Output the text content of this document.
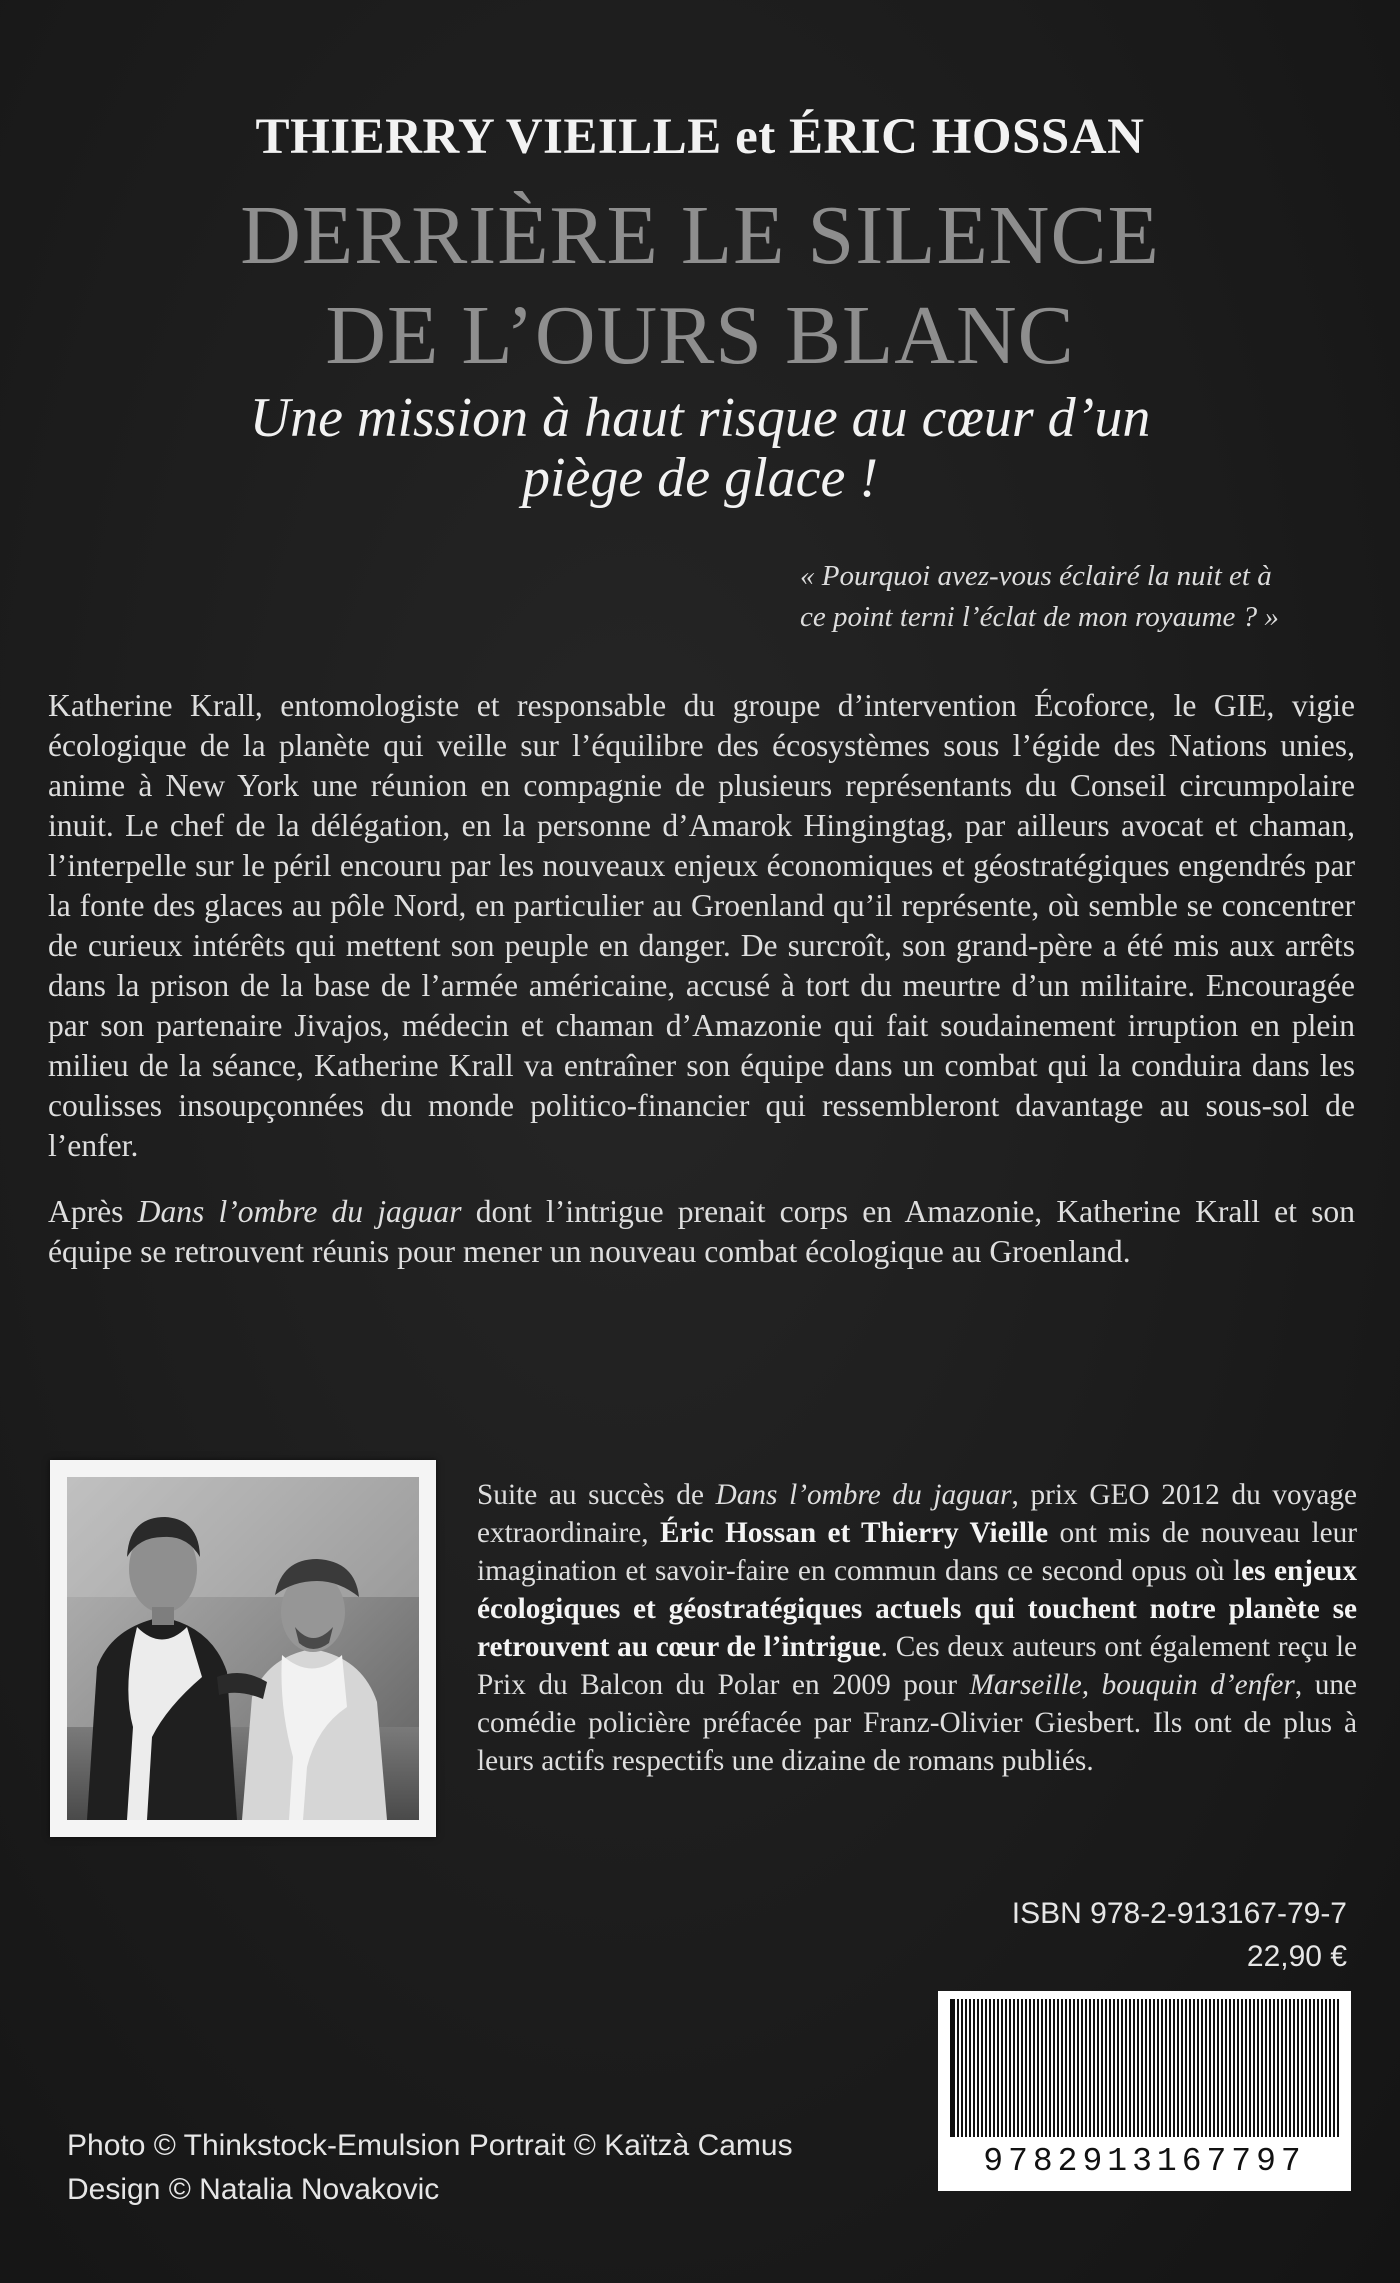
THIERRY VIEILLE et ÉRIC HOSSAN
DERRIÈRE LE SILENCE
DE L’OURS BLANC
Une mission à haut risque au cœur d’un
piège de glace !
« Pourquoi avez-vous éclairé la nuit et à
ce point terni l’éclat de mon royaume ? »

Katherine Krall, entomologiste et responsable du groupe d’intervention Écoforce, le GIE, vigie écologique de la planète qui veille sur l’équilibre des écosystèmes sous l’égide des Nations unies, anime à New York une réunion en compagnie de plusieurs représentants du Conseil circumpolaire inuit. Le chef de la délégation, en la personne d’Amarok Hingingtag, par ailleurs avocat et chaman, l’interpelle sur le péril encouru par les nouveaux enjeux économiques et géostratégiques engendrés par la fonte des glaces au pôle Nord, en particulier au Groenland qu’il représente, où semble se concentrer de curieux intérêts qui mettent son peuple en danger. De surcroît, son grand-père a été mis aux arrêts dans la prison de la base de l’armée américaine, accusé à tort du meurtre d’un militaire. Encouragée par son partenaire Jivajos, médecin et chaman d’Amazonie qui fait soudainement irruption en plein milieu de la séance, Katherine Krall va entraîner son équipe dans un combat qui la conduira dans les coulisses insoupçonnées du monde politico-financier qui ressembleront davantage au sous-sol de l’enfer.

Après Dans l’ombre du jaguar dont l’intrigue prenait corps en Amazonie, Katherine Krall et son équipe se retrouvent réunis pour mener un nouveau combat écologique au Groenland.

Suite au succès de Dans l’ombre du jaguar, prix GEO 2012 du voyage extraordinaire, Éric Hossan et Thierry Vieille ont mis de nouveau leur imagination et savoir-faire en commun dans ce second opus où les enjeux écologiques et géostratégiques actuels qui touchent notre planète se retrouvent au cœur de l’intrigue. Ces deux auteurs ont également reçu le Prix du Balcon du Polar en 2009 pour Marseille, bouquin d’enfer, une comédie policière préfacée par Franz-Olivier Giesbert. Ils ont de plus à leurs actifs respectifs une dizaine de romans publiés.
ISBN 978-2-913167-79-7
22,90 €
9782913167797
Photo © Thinkstock-Emulsion Portrait © Kaïtzà Camus
Design © Natalia Novakovic
